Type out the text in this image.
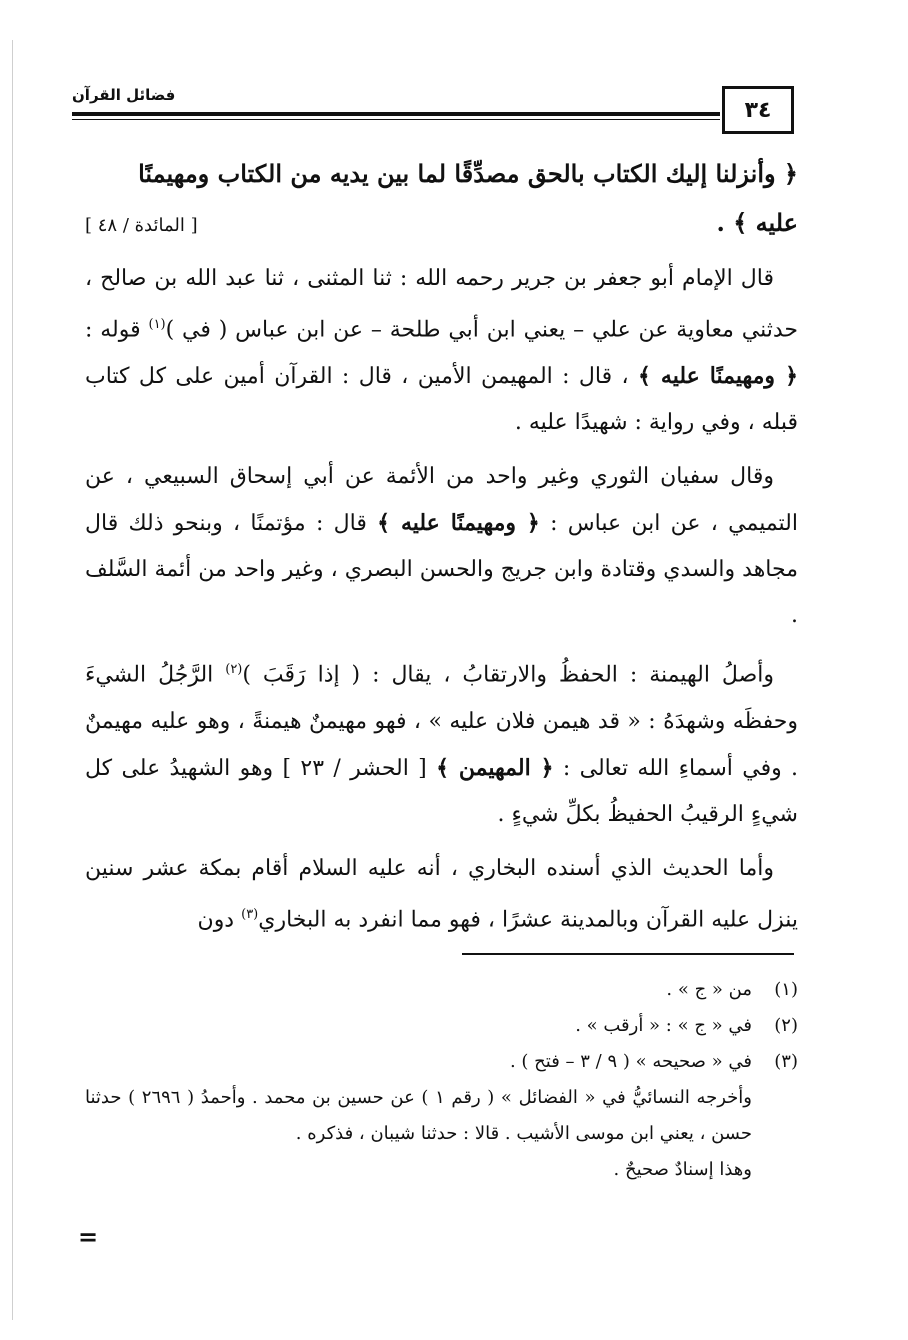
٣٤
فضائل القرآن

﴿ وأنزلنا إليك الكتاب بالحق مصدِّقًا لما بين يديه من الكتاب ومهيمنًا

عليه ﴾ .
[ المائدة / ٤٨ ]

قال الإمام أبو جعفر بن جرير رحمه الله : ثنا المثنى ، ثنا عبد الله بن صالح ، حدثني معاوية عن علي – يعني ابن أبي طلحة – عن ابن عباس ( في )$^{(١)}$ قوله : ﴿ ومهيمنًا عليه ﴾ ، قال : المهيمن الأمين ، قال : القرآن أمين على كل كتاب قبله ، وفي رواية : شهيدًا عليه .

وقال سفيان الثوري وغير واحد من الأئمة عن أبي إسحاق السبيعي ، عن التميمي ، عن ابن عباس : ﴿ ومهيمنًا عليه ﴾ قال : مؤتمنًا ، وبنحو ذلك قال مجاهد والسدي وقتادة وابن جريج والحسن البصري ، وغير واحد من أئمة السَّلف .

وأصلُ الهيمنة : الحفظُ والارتقابُ ، يقال : ( إذا رَقَبَ )$^{(٢)}$ الرَّجُلُ الشيءَ وحفظَه وشهدَهُ : « قد هيمن فلان عليه » ، فهو مهيمنٌ هيمنةً ، وهو عليه مهيمنٌ . وفي أسماءِ الله تعالى : ﴿ المهيمن ﴾ [ الحشر / ٢٣ ] وهو الشهيدُ على كل شيءٍ الرقيبُ الحفيظُ بكلِّ شيءٍ .

وأما الحديث الذي أسنده البخاري ، أنه عليه السلام أقام بمكة عشر سنين ينزل عليه القرآن وبالمدينة عشرًا ، فهو مما انفرد به البخاري$^{(٣)}$ دون

(١)
من « ج » .
(٢)
في « ج » : « أرقب » .
(٣)
في « صحيحه » ( ٩ / ٣ – فتح ) .
وأخرجه النسائيُّ في « الفضائل » ( رقم ١ ) عن حسين بن محمد . وأحمدُ ( ٢٦٩٦ ) حدثنا حسن ، يعني ابن موسى الأشيب . قالا : حدثنا شيبان ، فذكره .
وهذا إسنادٌ صحيحٌ .
=
